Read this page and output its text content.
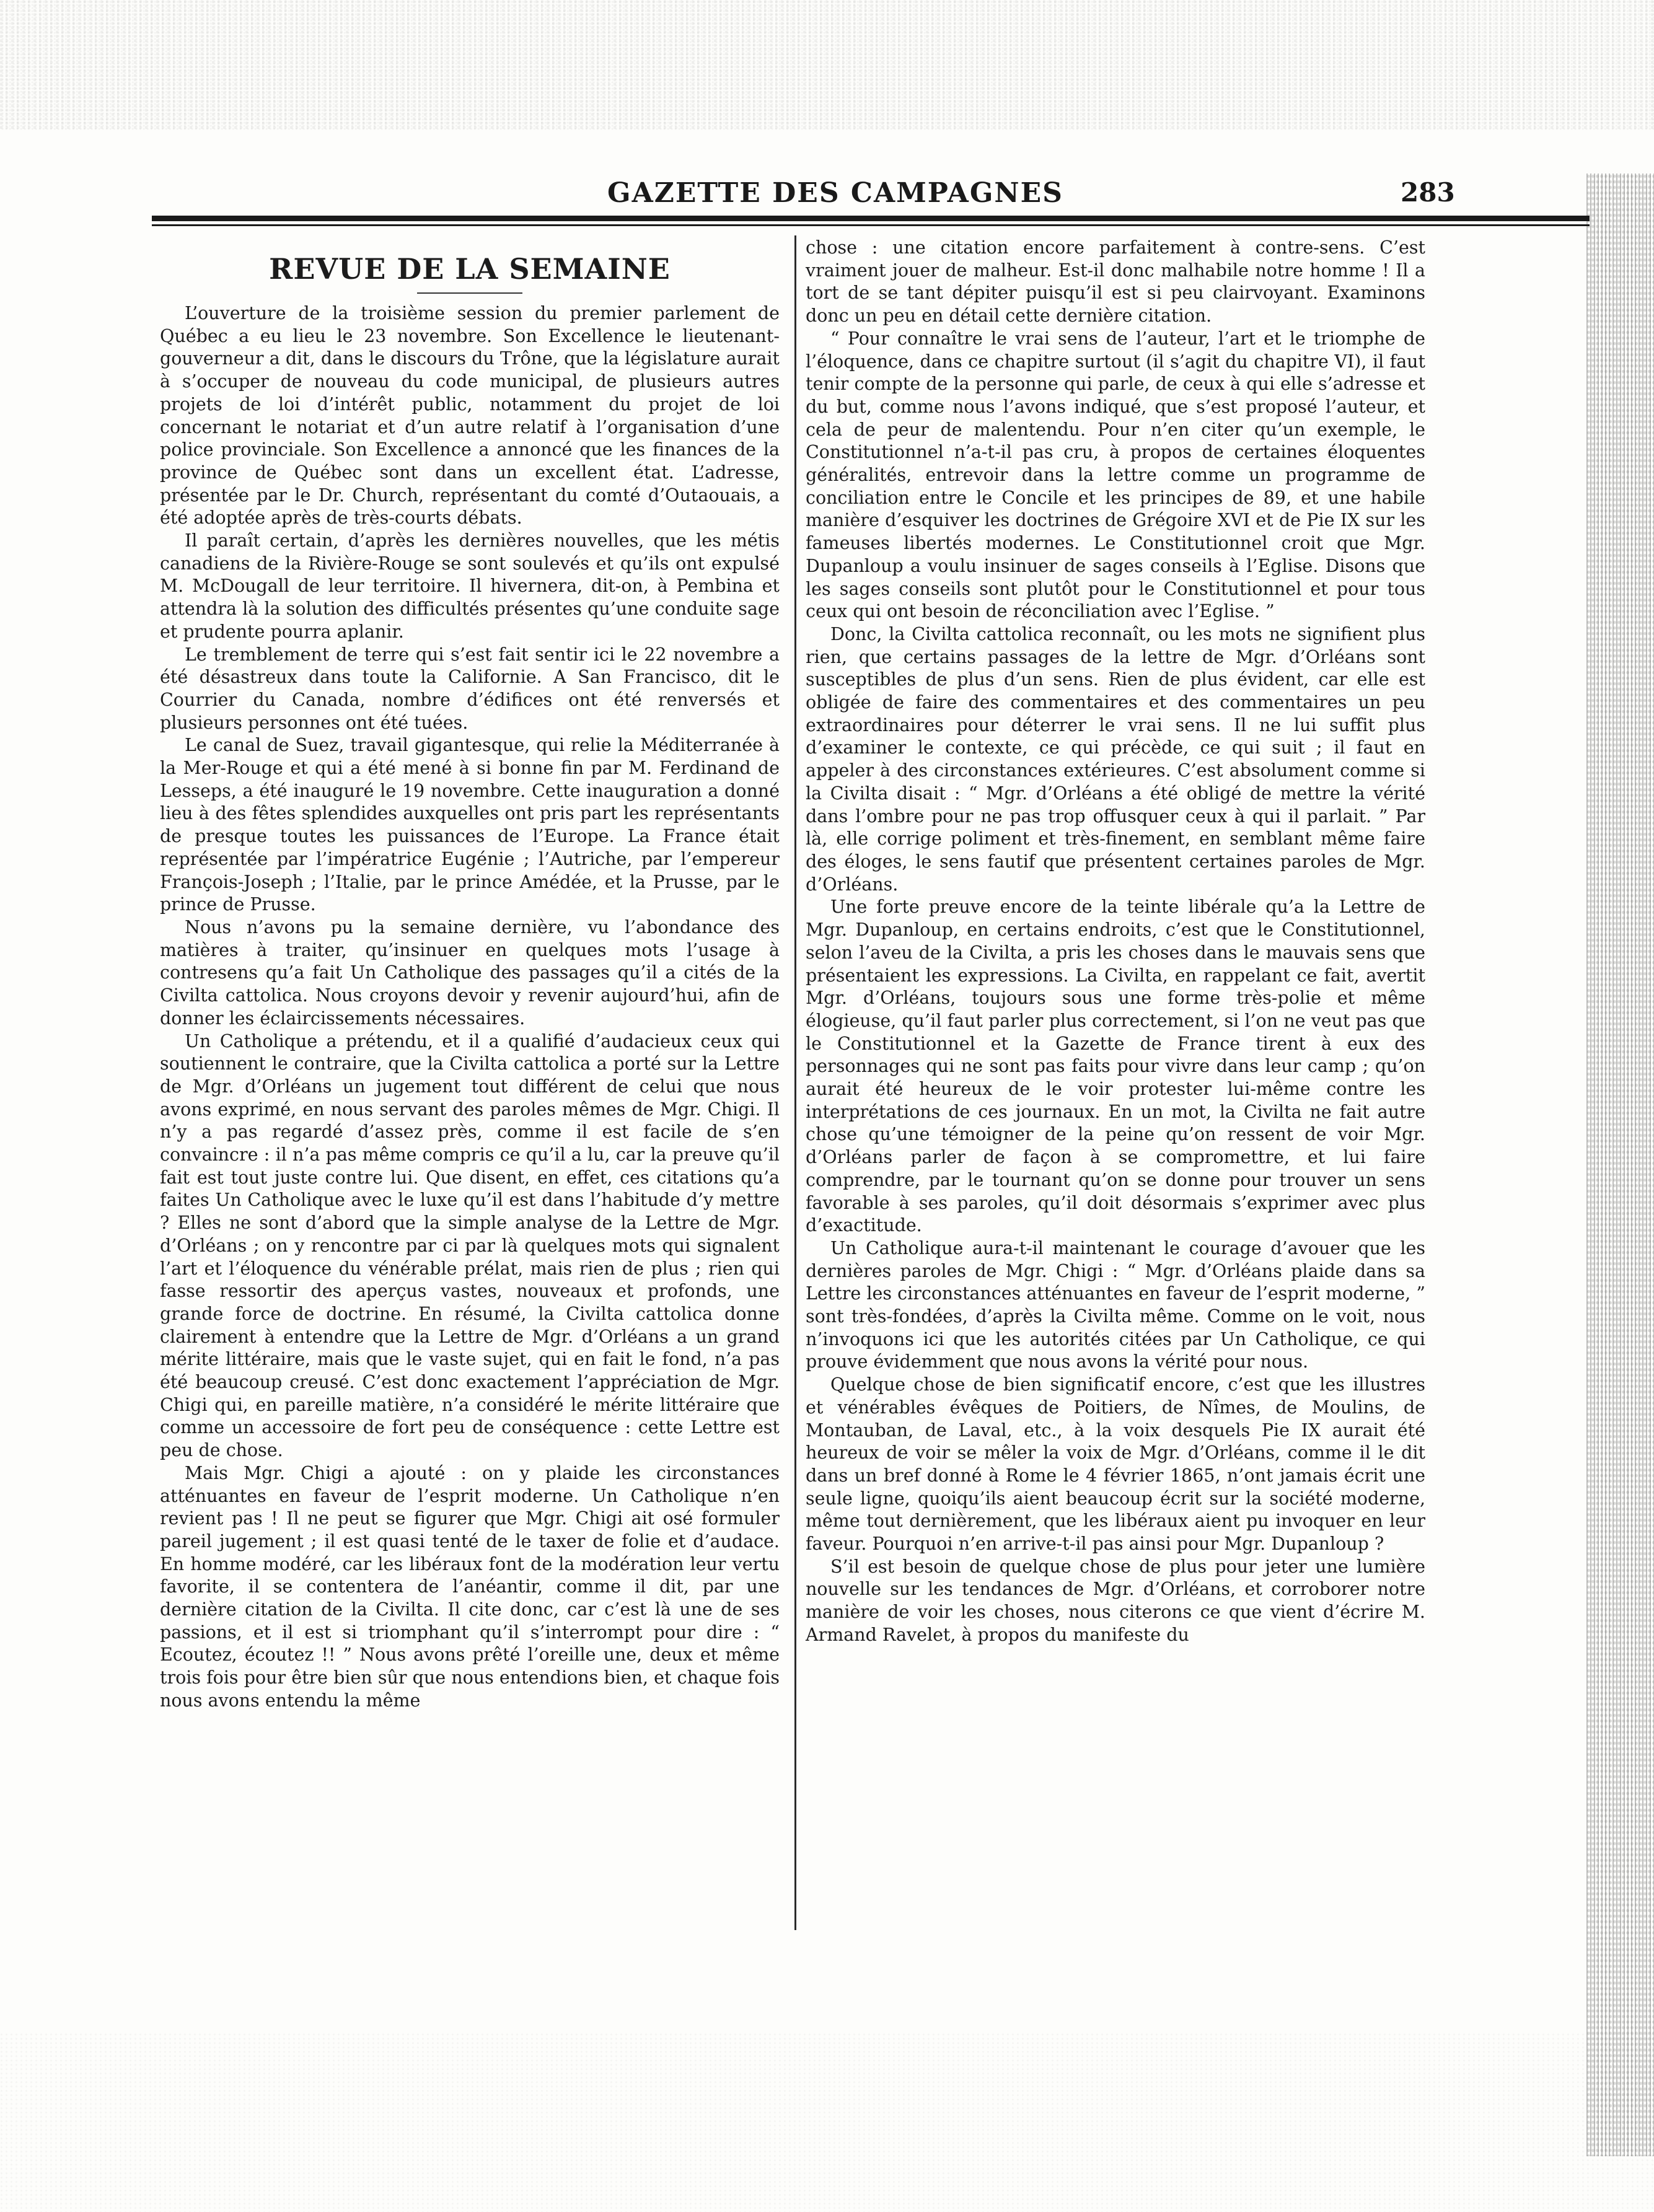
GAZETTE DES CAMPAGNES	283
REVUE DE LA SEMAINE

L’ouverture de la troisième session du premier parlement de Québec a eu lieu le 23 novembre. Son Excellence le lieutenant-gouverneur a dit, dans le discours du Trône, que la législature aurait à s’occuper de nouveau du code municipal, de plusieurs autres projets de loi d’intérêt public, notamment du projet de loi concernant le notariat et d’un autre relatif à l’organisation d’une police provinciale. Son Excellence a annoncé que les finances de la province de Québec sont dans un excellent état. L’adresse, présentée par le Dr. Church, représentant du comté d’Outaouais, a été adoptée après de très-courts débats.

Il paraît certain, d’après les dernières nouvelles, que les métis canadiens de la Rivière-Rouge se sont soulevés et qu’ils ont expulsé M. McDougall de leur territoire. Il hivernera, dit-on, à Pembina et attendra là la solution des difficultés présentes qu’une conduite sage et prudente pourra aplanir.

Le tremblement de terre qui s’est fait sentir ici le 22 novembre a été désastreux dans toute la Californie. A San Francisco, dit le Courrier du Canada, nombre d’édifices ont été renversés et plusieurs personnes ont été tuées.

Le canal de Suez, travail gigantesque, qui relie la Méditerranée à la Mer-Rouge et qui a été mené à si bonne fin par M. Ferdinand de Lesseps, a été inauguré le 19 novembre. Cette inauguration a donné lieu à des fêtes splendides auxquelles ont pris part les représentants de presque toutes les puissances de l’Europe. La France était représentée par l’impératrice Eugénie ; l’Autriche, par l’empereur François-Joseph ; l’Italie, par le prince Amédée, et la Prusse, par le prince de Prusse.

Nous n’avons pu la semaine dernière, vu l’abondance des matières à traiter, qu’insinuer en quelques mots l’usage à contresens qu’a fait Un Catholique des passages qu’il a cités de la Civilta cattolica. Nous croyons devoir y revenir aujourd’hui, afin de donner les éclaircissements nécessaires.

Un Catholique a prétendu, et il a qualifié d’audacieux ceux qui soutiennent le contraire, que la Civilta cattolica a porté sur la Lettre de Mgr. d’Orléans un jugement tout différent de celui que nous avons exprimé, en nous servant des paroles mêmes de Mgr. Chigi. Il n’y a pas regardé d’assez près, comme il est facile de s’en convaincre : il n’a pas même compris ce qu’il a lu, car la preuve qu’il fait est tout juste contre lui. Que disent, en effet, ces citations qu’a faites Un Catholique avec le luxe qu’il est dans l’habitude d’y mettre ? Elles ne sont d’abord que la simple analyse de la Lettre de Mgr. d’Orléans ; on y rencontre par ci par là quelques mots qui signalent l’art et l’éloquence du vénérable prélat, mais rien de plus ; rien qui fasse ressortir des aperçus vastes, nouveaux et profonds, une grande force de doctrine. En résumé, la Civilta cattolica donne clairement à entendre que la Lettre de Mgr. d’Orléans a un grand mérite littéraire, mais que le vaste sujet, qui en fait le fond, n’a pas été beaucoup creusé. C’est donc exactement l’appréciation de Mgr. Chigi qui, en pareille matière, n’a considéré le mérite littéraire que comme un accessoire de fort peu de conséquence : cette Lettre est peu de chose.

Mais Mgr. Chigi a ajouté : on y plaide les circonstances atténuantes en faveur de l’esprit moderne. Un Catholique n’en revient pas ! Il ne peut se figurer que Mgr. Chigi ait osé formuler pareil jugement ; il est quasi tenté de le taxer de folie et d’audace. En homme modéré, car les libéraux font de la modération leur vertu favorite, il se contentera de l’anéantir, comme il dit, par une dernière citation de la Civilta. Il cite donc, car c’est là une de ses passions, et il est si triomphant qu’il s’interrompt pour dire : “ Ecoutez, écoutez !! ” Nous avons prêté l’oreille une, deux et même trois fois pour être bien sûr que nous entendions bien, et chaque fois nous avons entendu la même

chose : une citation encore parfaitement à contre-sens. C’est vraiment jouer de malheur. Est-il donc malhabile notre homme ! Il a tort de se tant dépiter puisqu’il est si peu clairvoyant. Examinons donc un peu en détail cette dernière citation.

“ Pour connaître le vrai sens de l’auteur, l’art et le triomphe de l’éloquence, dans ce chapitre surtout (il s’agit du chapitre VI), il faut tenir compte de la personne qui parle, de ceux à qui elle s’adresse et du but, comme nous l’avons indiqué, que s’est proposé l’auteur, et cela de peur de malentendu. Pour n’en citer qu’un exemple, le Constitutionnel n’a-t-il pas cru, à propos de certaines éloquentes généralités, entrevoir dans la lettre comme un programme de conciliation entre le Concile et les principes de 89, et une habile manière d’esquiver les doctrines de Grégoire XVI et de Pie IX sur les fameuses libertés modernes. Le Constitutionnel croit que Mgr. Dupanloup a voulu insinuer de sages conseils à l’Eglise. Disons que les sages conseils sont plutôt pour le Constitutionnel et pour tous ceux qui ont besoin de réconciliation avec l’Eglise. ”

Donc, la Civilta cattolica reconnaît, ou les mots ne signifient plus rien, que certains passages de la lettre de Mgr. d’Orléans sont susceptibles de plus d’un sens. Rien de plus évident, car elle est obligée de faire des commentaires et des commentaires un peu extraordinaires pour déterrer le vrai sens. Il ne lui suffit plus d’examiner le contexte, ce qui précède, ce qui suit ; il faut en appeler à des circonstances extérieures. C’est absolument comme si la Civilta disait : “ Mgr. d’Orléans a été obligé de mettre la vérité dans l’ombre pour ne pas trop offusquer ceux à qui il parlait. ” Par là, elle corrige poliment et très-finement, en semblant même faire des éloges, le sens fautif que présentent certaines paroles de Mgr. d’Orléans.

Une forte preuve encore de la teinte libérale qu’a la Lettre de Mgr. Dupanloup, en certains endroits, c’est que le Constitutionnel, selon l’aveu de la Civilta, a pris les choses dans le mauvais sens que présentaient les expressions. La Civilta, en rappelant ce fait, avertit Mgr. d’Orléans, toujours sous une forme très-polie et même élogieuse, qu’il faut parler plus correctement, si l’on ne veut pas que le Constitutionnel et la Gazette de France tirent à eux des personnages qui ne sont pas faits pour vivre dans leur camp ; qu’on aurait été heureux de le voir protester lui-même contre les interprétations de ces journaux. En un mot, la Civilta ne fait autre chose qu’une témoigner de la peine qu’on ressent de voir Mgr. d’Orléans parler de façon à se compromettre, et lui faire comprendre, par le tournant qu’on se donne pour trouver un sens favorable à ses paroles, qu’il doit désormais s’exprimer avec plus d’exactitude.

Un Catholique aura-t-il maintenant le courage d’avouer que les dernières paroles de Mgr. Chigi : “ Mgr. d’Orléans plaide dans sa Lettre les circonstances atténuantes en faveur de l’esprit moderne, ” sont très-fondées, d’après la Civilta même. Comme on le voit, nous n’invoquons ici que les autorités citées par Un Catholique, ce qui prouve évidemment que nous avons la vérité pour nous.

Quelque chose de bien significatif encore, c’est que les illustres et vénérables évêques de Poitiers, de Nîmes, de Moulins, de Montauban, de Laval, etc., à la voix desquels Pie IX aurait été heureux de voir se mêler la voix de Mgr. d’Orléans, comme il le dit dans un bref donné à Rome le 4 février 1865, n’ont jamais écrit une seule ligne, quoiqu’ils aient beaucoup écrit sur la société moderne, même tout dernièrement, que les libéraux aient pu invoquer en leur faveur. Pourquoi n’en arrive-t-il pas ainsi pour Mgr. Dupanloup ?

S’il est besoin de quelque chose de plus pour jeter une lumière nouvelle sur les tendances de Mgr. d’Orléans, et corroborer notre manière de voir les choses, nous citerons ce que vient d’écrire M. Armand Ravelet, à propos du manifeste du
